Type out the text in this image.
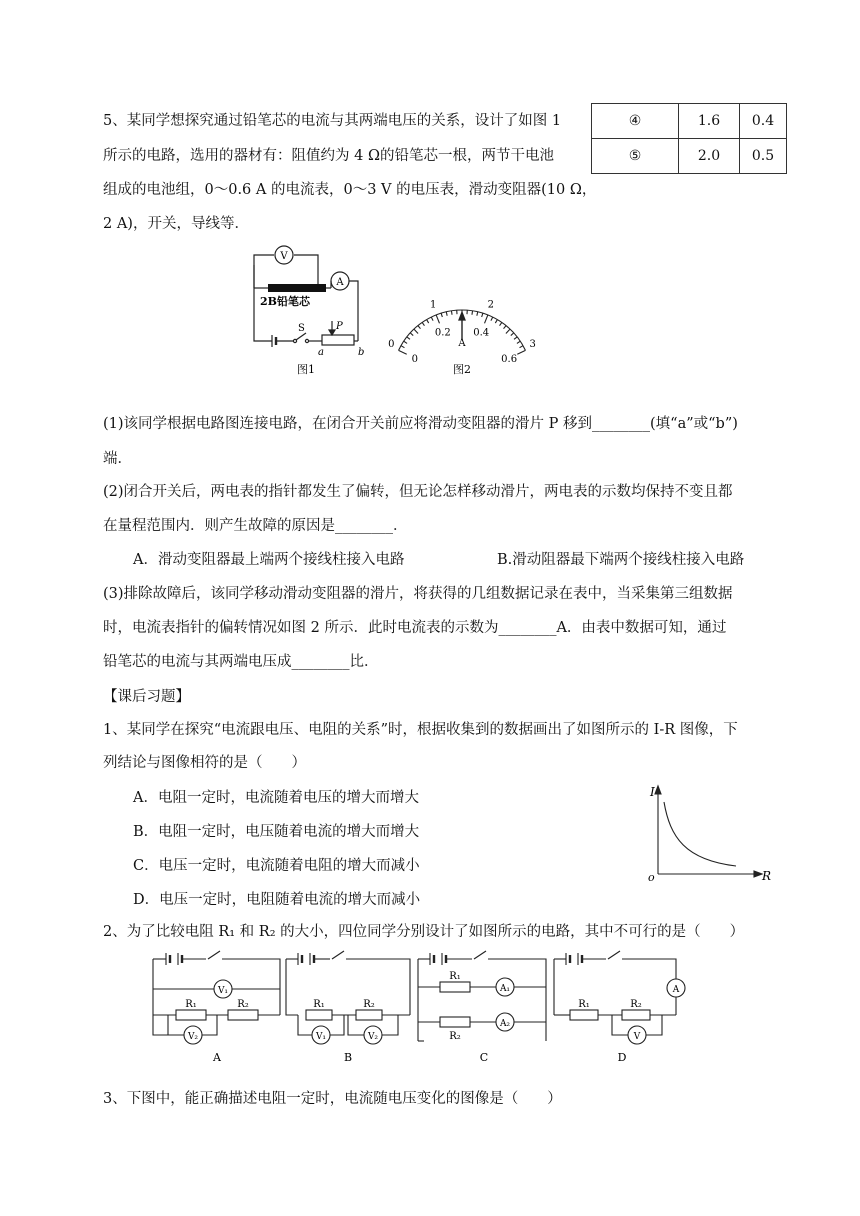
④	1.6	0.4
⑤	2.0	0.5
5、某同学想探究通过铅笔芯的电流与其两端电压的关系，设计了如图 1
所示的电路，选用的器材有：阻值约为 4 Ω的铅笔芯一根，两节干电池
组成的电池组，0～0.6 A 的电流表，0～3 V 的电压表，滑动变阻器(10 Ω，
2 A)，开关，导线等．
V
A
2B铅笔芯
S	P
a	b
图1
A
图2
0
1	2
3
0
0.2 0.4
0.6
(1)该同学根据电路图连接电路，在闭合开关前应将滑动变阻器的滑片 P 移到________(填“a”或“b”)
端．
(2)闭合开关后，两电表的指针都发生了偏转，但无论怎样移动滑片，两电表的示数均保持不变且都
在量程范围内．则产生故障的原因是________．
A．滑动变阻器最上端两个接线柱接入电路	B.滑动阻器最下端两个接线柱接入电路
(3)排除故障后，该同学移动滑动变阻器的滑片，将获得的几组数据记录在表中，当采集第三组数据
时，电流表指针的偏转情况如图 2 所示．此时电流表的示数为________A．由表中数据可知，通过
铅笔芯的电流与其两端电压成________比．
【课后习题】
1、某同学在探究“电流跟电压、电阻的关系”时，根据收集到的数据画出了如图所示的 I-R 图像，下
列结论与图像相符的是（　　）
A．电阻一定时，电流随着电压的增大而增大
B．电阻一定时，电压随着电流的增大而增大
C．电压一定时，电流随着电阻的增大而减小
D．电压一定时，电阻随着电流的增大而减小
I
R
o
2、为了比较电阻 R₁ 和 R₂ 的大小，四位同学分别设计了如图所示的电路，其中不可行的是（　　）
R₁	R₂
V₁
V₂
R₁	R₂
V₁	V₂
R₁
R₂
A₁
A₂
R₁	R₂
A
V
A	B	C	D
3、下图中，能正确描述电阻一定时，电流随电压变化的图像是（　　）
